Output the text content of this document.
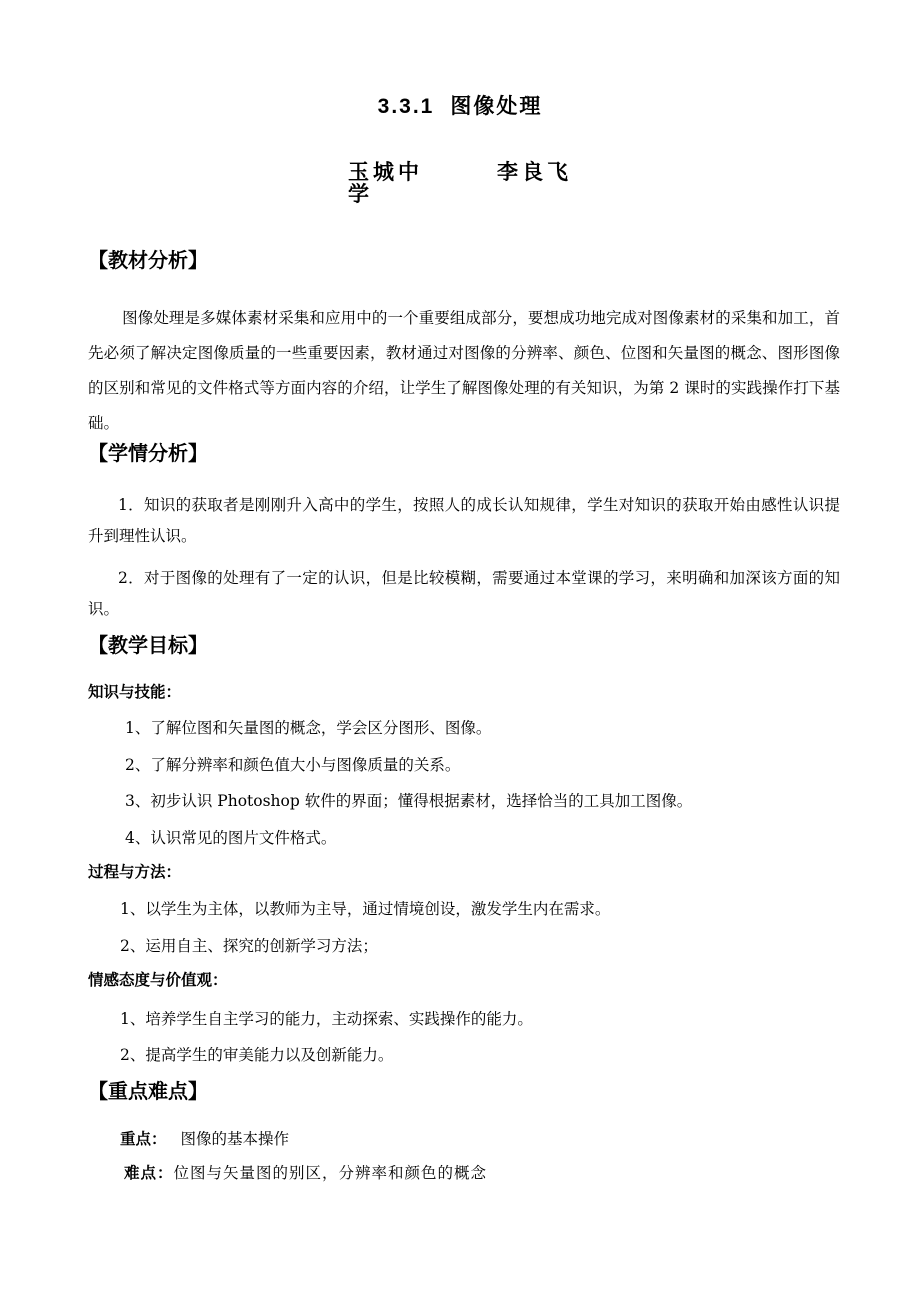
3.3.1 图像处理
玉城中学
李良飞
【教材分析】
图像处理是多媒体素材采集和应用中的一个重要组成部分，要想成功地完成对图像素材的采集和加工，首先必须了解决定图像质量的一些重要因素，教材通过对图像的分辨率、颜色、位图和矢量图的概念、图形图像的区别和常见的文件格式等方面内容的介绍，让学生了解图像处理的有关知识，为第 2 课时的实践操作打下基础。
【学情分析】
1．知识的获取者是刚刚升入高中的学生，按照人的成长认知规律，学生对知识的获取开始由感性认识提升到理性认识。
2．对于图像的处理有了一定的认识，但是比较模糊，需要通过本堂课的学习，来明确和加深该方面的知识。
【教学目标】
知识与技能：
1、了解位图和矢量图的概念，学会区分图形、图像。
2、了解分辨率和颜色值大小与图像质量的关系。
3、初步认识 Photoshop 软件的界面；懂得根据素材，选择恰当的工具加工图像。
4、认识常见的图片文件格式。
过程与方法：
1、以学生为主体，以教师为主导，通过情境创设，激发学生内在需求。
2、运用自主、探究的创新学习方法；
情感态度与价值观：
1、培养学生自主学习的能力，主动探索、实践操作的能力。
2、提高学生的审美能力以及创新能力。
【重点难点】
重点： 图像的基本操作
难点：位图与矢量图的别区，分辨率和颜色的概念
